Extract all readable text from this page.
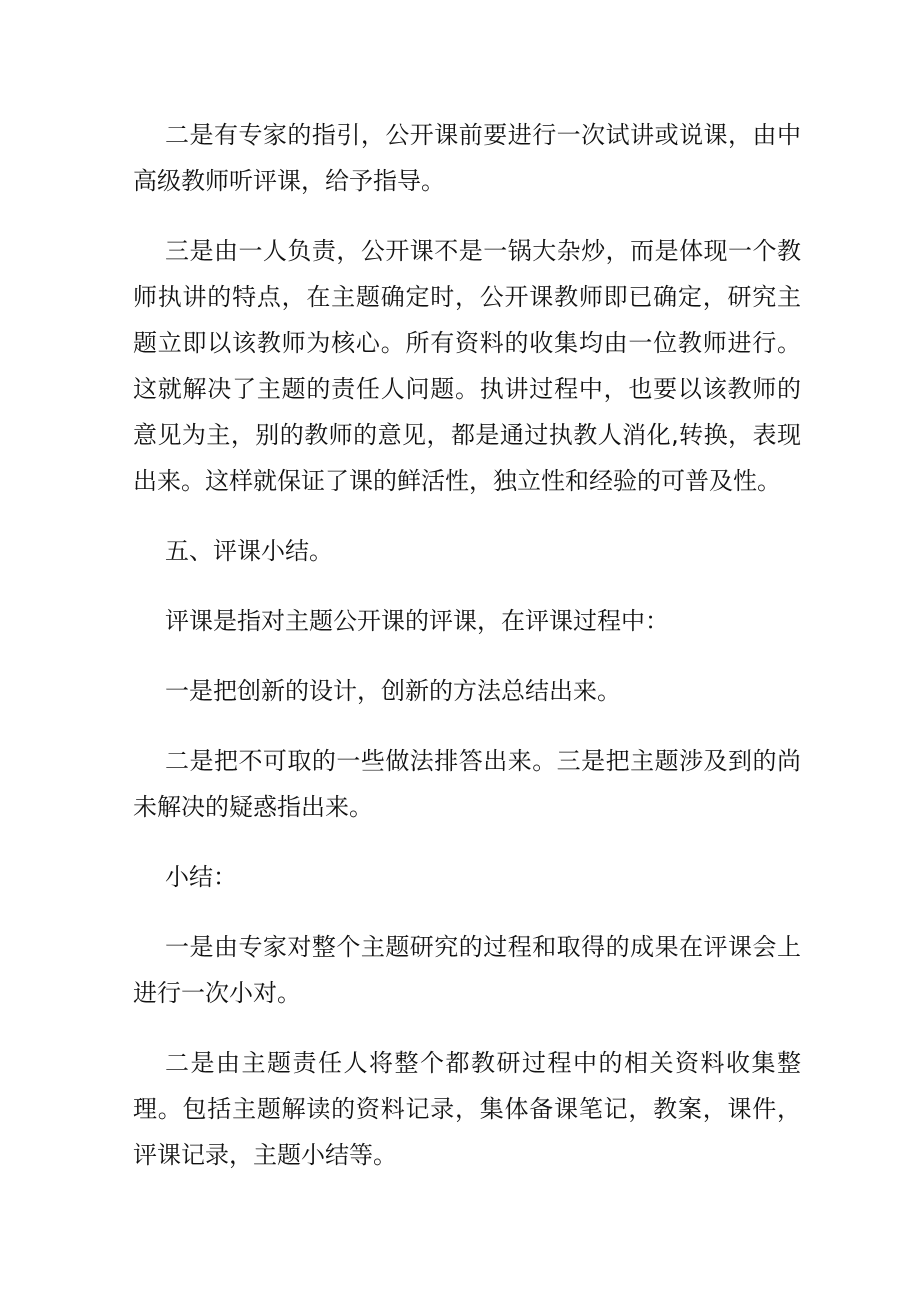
二是有专家的指引，公开课前要进行一次试讲或说课，由中高级教师听评课，给予指导。

三是由一人负责，公开课不是一锅大杂炒，而是体现一个教师执讲的特点，在主题确定时，公开课教师即已确定，研究主题立即以该教师为核心。所有资料的收集均由一位教师进行。这就解决了主题的责任人问题。执讲过程中，也要以该教师的意见为主，别的教师的意见，都是通过执教人消化,转换，表现出来。这样就保证了课的鲜活性，独立性和经验的可普及性。

五、评课小结。

评课是指对主题公开课的评课，在评课过程中：

一是把创新的设计，创新的方法总结出来。

二是把不可取的一些做法排答出来。三是把主题涉及到的尚未解决的疑惑指出来。

小结：

一是由专家对整个主题研究的过程和取得的成果在评课会上进行一次小对。

二是由主题责任人将整个都教研过程中的相关资料收集整理。包括主题解读的资料记录，集体备课笔记，教案，课件，评课记录，主题小结等。
